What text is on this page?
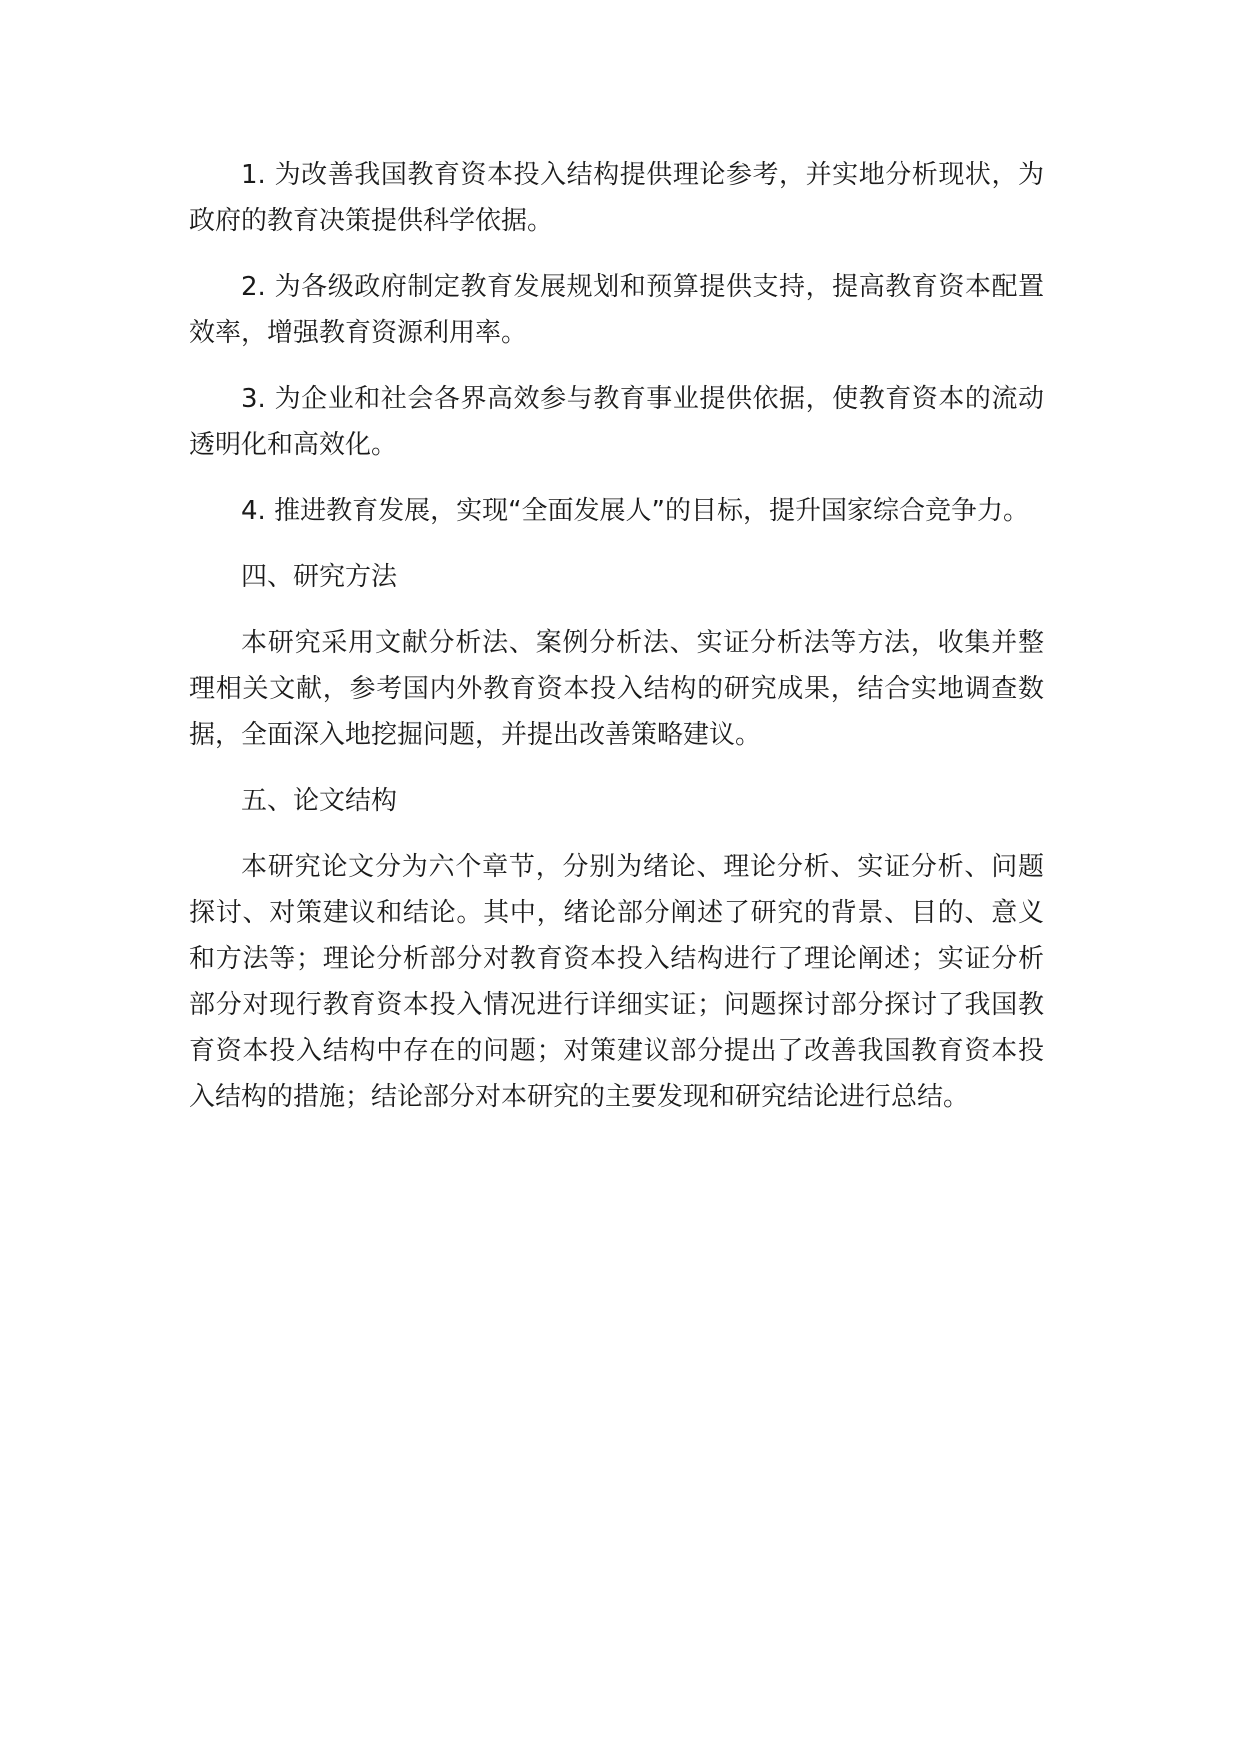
1. 为改善我国教育资本投入结构提供理论参考，并实地分析现状，为政府的教育决策提供科学依据。

2. 为各级政府制定教育发展规划和预算提供支持，提高教育资本配置效率，增强教育资源利用率。

3. 为企业和社会各界高效参与教育事业提供依据，使教育资本的流动透明化和高效化。

4. 推进教育发展，实现“全面发展人”的目标，提升国家综合竞争力。

四、研究方法

本研究采用文献分析法、案例分析法、实证分析法等方法，收集并整理相关文献，参考国内外教育资本投入结构的研究成果，结合实地调查数据，全面深入地挖掘问题，并提出改善策略建议。

五、论文结构

本研究论文分为六个章节，分别为绪论、理论分析、实证分析、问题探讨、对策建议和结论。其中，绪论部分阐述了研究的背景、目的、意义和方法等；理论分析部分对教育资本投入结构进行了理论阐述；实证分析部分对现行教育资本投入情况进行详细实证；问题探讨部分探讨了我国教育资本投入结构中存在的问题；对策建议部分提出了改善我国教育资本投入结构的措施；结论部分对本研究的主要发现和研究结论进行总结。
